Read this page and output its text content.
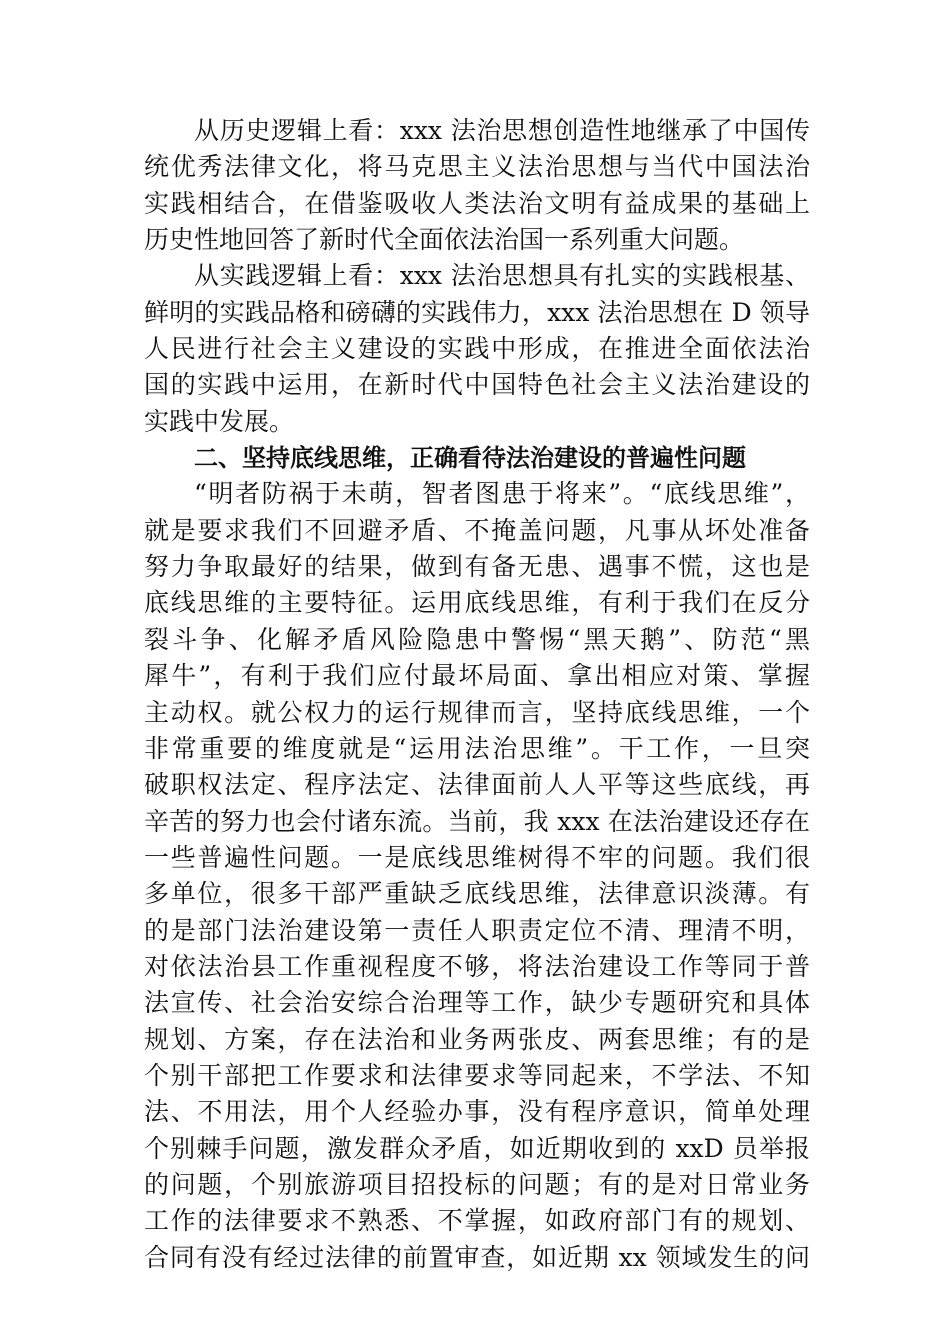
从历史逻辑上看：xxx 法治思想创造性地继承了中国传
统优秀法律文化，将马克思主义法治思想与当代中国法治
实践相结合，在借鉴吸收人类法治文明有益成果的基础上
历史性地回答了新时代全面依法治国一系列重大问题。
从实践逻辑上看：xxx 法治思想具有扎实的实践根基、
鲜明的实践品格和磅礴的实践伟力，xxx 法治思想在 D 领导
人民进行社会主义建设的实践中形成，在推进全面依法治
国的实践中运用，在新时代中国特色社会主义法治建设的
实践中发展。
二、坚持底线思维，正确看待法治建设的普遍性问题
“明者防祸于未萌，智者图患于将来”。“底线思维”，
就是要求我们不回避矛盾、不掩盖问题，凡事从坏处准备
努力争取最好的结果，做到有备无患、遇事不慌，这也是
底线思维的主要特征。运用底线思维，有利于我们在反分
裂斗争、化解矛盾风险隐患中警惕“黑天鹅”、防范“黑
犀牛”，有利于我们应付最坏局面、拿出相应对策、掌握
主动权。就公权力的运行规律而言，坚持底线思维，一个
非常重要的维度就是“运用法治思维”。干工作，一旦突
破职权法定、程序法定、法律面前人人平等这些底线，再
辛苦的努力也会付诸东流。当前，我 xxx 在法治建设还存在
一些普遍性问题。一是底线思维树得不牢的问题。我们很
多单位，很多干部严重缺乏底线思维，法律意识淡薄。有
的是部门法治建设第一责任人职责定位不清、理清不明，
对依法治县工作重视程度不够，将法治建设工作等同于普
法宣传、社会治安综合治理等工作，缺少专题研究和具体
规划、方案，存在法治和业务两张皮、两套思维；有的是
个别干部把工作要求和法律要求等同起来，不学法、不知
法、不用法，用个人经验办事，没有程序意识，简单处理
个别棘手问题，激发群众矛盾，如近期收到的 xxD 员举报
的问题，个别旅游项目招投标的问题；有的是对日常业务
工作的法律要求不熟悉、不掌握，如政府部门有的规划、
合同有没有经过法律的前置审查，如近期 xx 领域发生的问
